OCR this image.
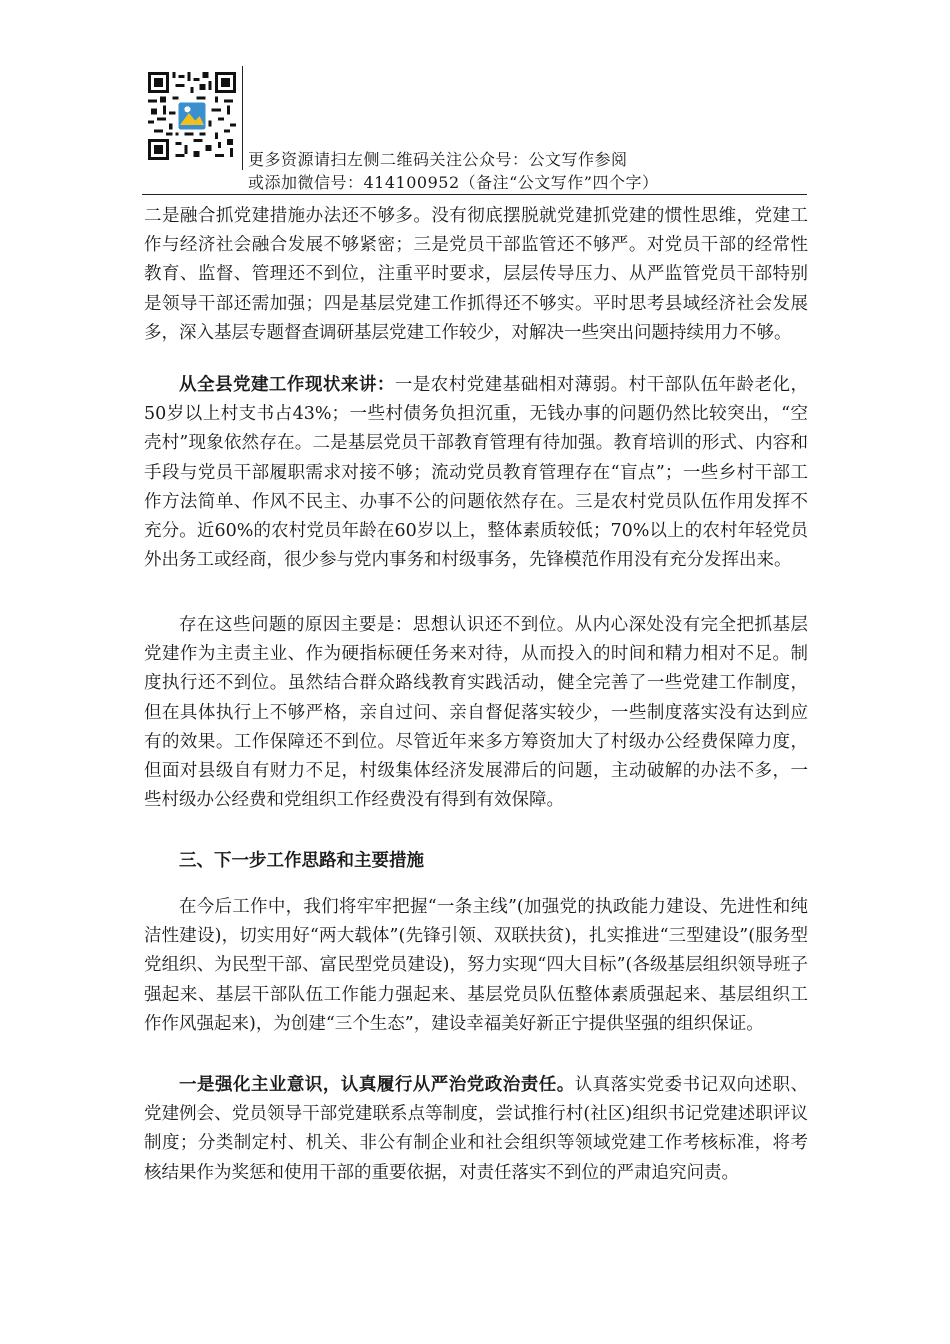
更多资源请扫左侧二维码关注公众号：公文写作参阅
或添加微信号：414100952（备注“公文写作”四个字）

二是融合抓党建措施办法还不够多。没有彻底摆脱就党建抓党建的惯性思维，党建工作与经济社会融合发展不够紧密；三是党员干部监管还不够严。对党员干部的经常性教育、监督、管理还不到位，注重平时要求，层层传导压力、从严监管党员干部特别是领导干部还需加强；四是基层党建工作抓得还不够实。平时思考县域经济社会发展多，深入基层专题督查调研基层党建工作较少，对解决一些突出问题持续用力不够。

从全县党建工作现状来讲：一是农村党建基础相对薄弱。村干部队伍年龄老化，50岁以上村支书占43%；一些村债务负担沉重，无钱办事的问题仍然比较突出，“空壳村”现象依然存在。二是基层党员干部教育管理有待加强。教育培训的形式、内容和手段与党员干部履职需求对接不够；流动党员教育管理存在“盲点”；一些乡村干部工作方法简单、作风不民主、办事不公的问题依然存在。三是农村党员队伍作用发挥不充分。近60%的农村党员年龄在60岁以上，整体素质较低；70%以上的农村年轻党员外出务工或经商，很少参与党内事务和村级事务，先锋模范作用没有充分发挥出来。

存在这些问题的原因主要是：思想认识还不到位。从内心深处没有完全把抓基层党建作为主责主业、作为硬指标硬任务来对待，从而投入的时间和精力相对不足。制度执行还不到位。虽然结合群众路线教育实践活动，健全完善了一些党建工作制度，但在具体执行上不够严格，亲自过问、亲自督促落实较少，一些制度落实没有达到应有的效果。工作保障还不到位。尽管近年来多方筹资加大了村级办公经费保障力度，但面对县级自有财力不足，村级集体经济发展滞后的问题，主动破解的办法不多，一些村级办公经费和党组织工作经费没有得到有效保障。

三、下一步工作思路和主要措施

在今后工作中，我们将牢牢把握“一条主线”(加强党的执政能力建设、先进性和纯洁性建设)，切实用好“两大载体”(先锋引领、双联扶贫)，扎实推进“三型建设”(服务型党组织、为民型干部、富民型党员建设)，努力实现“四大目标”(各级基层组织领导班子强起来、基层干部队伍工作能力强起来、基层党员队伍整体素质强起来、基层组织工作作风强起来)，为创建“三个生态”，建设幸福美好新正宁提供坚强的组织保证。

一是强化主业意识，认真履行从严治党政治责任。认真落实党委书记双向述职、党建例会、党员领导干部党建联系点等制度，尝试推行村(社区)组织书记党建述职评议制度；分类制定村、机关、非公有制企业和社会组织等领域党建工作考核标准，将考核结果作为奖惩和使用干部的重要依据，对责任落实不到位的严肃追究问责。
